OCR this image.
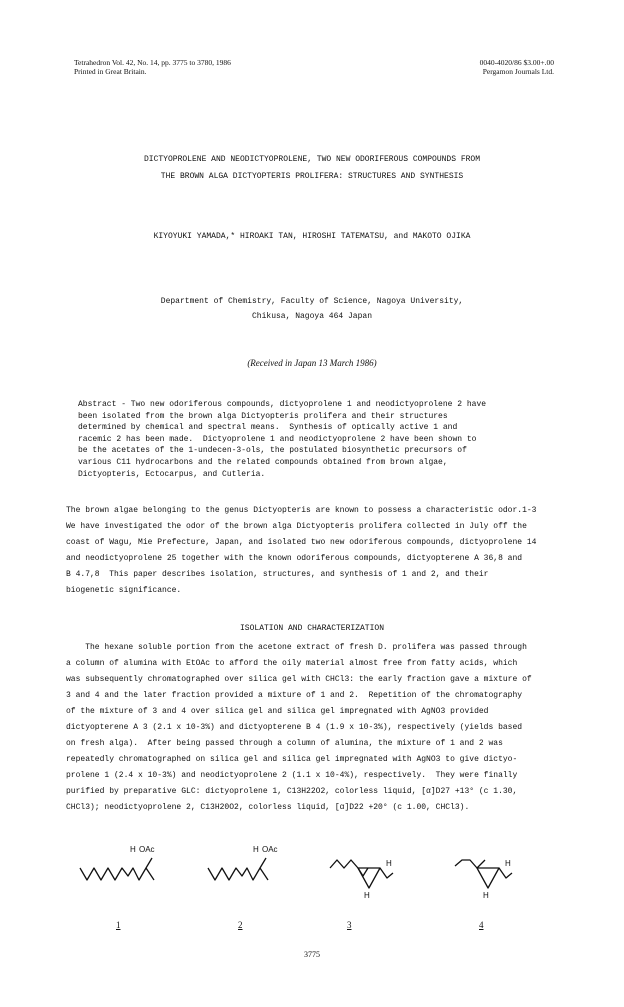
Tetrahedron Vol. 42, No. 14, pp. 3775 to 3780, 1986
Printed in Great Britain.
0040-4020/86 $3.00+.00
Pergamon Journals Ltd.
DICTYOPROLENE AND NEODICTYOPROLENE, TWO NEW ODORIFEROUS COMPOUNDS FROM
THE BROWN ALGA DICTYOPTERIS PROLIFERA: STRUCTURES AND SYNTHESIS
KIYOYUKI YAMADA,* HIROAKI TAN, HIROSHI TATEMATSU, and MAKOTO OJIKA
Department of Chemistry, Faculty of Science, Nagoya University,
Chikusa, Nagoya 464 Japan
(Received in Japan 13 March 1986)

Abstract - Two new odoriferous compounds, dictyoprolene 1 and neodictyoprolene 2 have

been isolated from the brown alga Dictyopteris prolifera and their structures

determined by chemical and spectral means.  Synthesis of optically active 1 and

racemic 2 has been made.  Dictyoprolene 1 and neodictyoprolene 2 have been shown to

be the acetates of the 1-undecen-3-ols, the postulated biosynthetic precursors of

various C11 hydrocarbons and the related compounds obtained from brown algae,

Dictyopteris, Ectocarpus, and Cutleria.

The brown algae belonging to the genus Dictyopteris are known to possess a characteristic odor.1-3

We have investigated the odor of the brown alga Dictyopteris prolifera collected in July off the

coast of Wagu, Mie Prefecture, Japan, and isolated two new odoriferous compounds, dictyoprolene 14

and neodictyoprolene 25 together with the known odoriferous compounds, dictyopterene A 36,8 and

B 4.7,8  This paper describes isolation, structures, and synthesis of 1 and 2, and their

biogenetic significance.

ISOLATION AND CHARACTERIZATION

The hexane soluble portion from the acetone extract of fresh D. prolifera was passed through

a column of alumina with EtOAc to afford the oily material almost free from fatty acids, which

was subsequently chromatographed over silica gel with CHCl3: the early fraction gave a mixture of

3 and 4 and the later fraction provided a mixture of 1 and 2.  Repetition of the chromatography

of the mixture of 3 and 4 over silica gel and silica gel impregnated with AgNO3 provided

dictyopterene A 3 (2.1 x 10-3%) and dictyopterene B 4 (1.9 x 10-3%), respectively (yields based

on fresh alga).  After being passed through a column of alumina, the mixture of 1 and 2 was

repeatedly chromatographed on silica gel and silica gel impregnated with AgNO3 to give dictyo-

prolene 1 (2.4 x 10-3%) and neodictyoprolene 2 (1.1 x 10-4%), respectively.  They were finally

purified by preparative GLC: dictyoprolene 1, C13H22O2, colorless liquid, [α]D27 +13° (c 1.30,

CHCl3); neodictyoprolene 2, C13H20O2, colorless liquid, [α]D22 +20° (c 1.00, CHCl3).

H OAc	H OAc
H
H
H
H
1	2	3	4
3775
